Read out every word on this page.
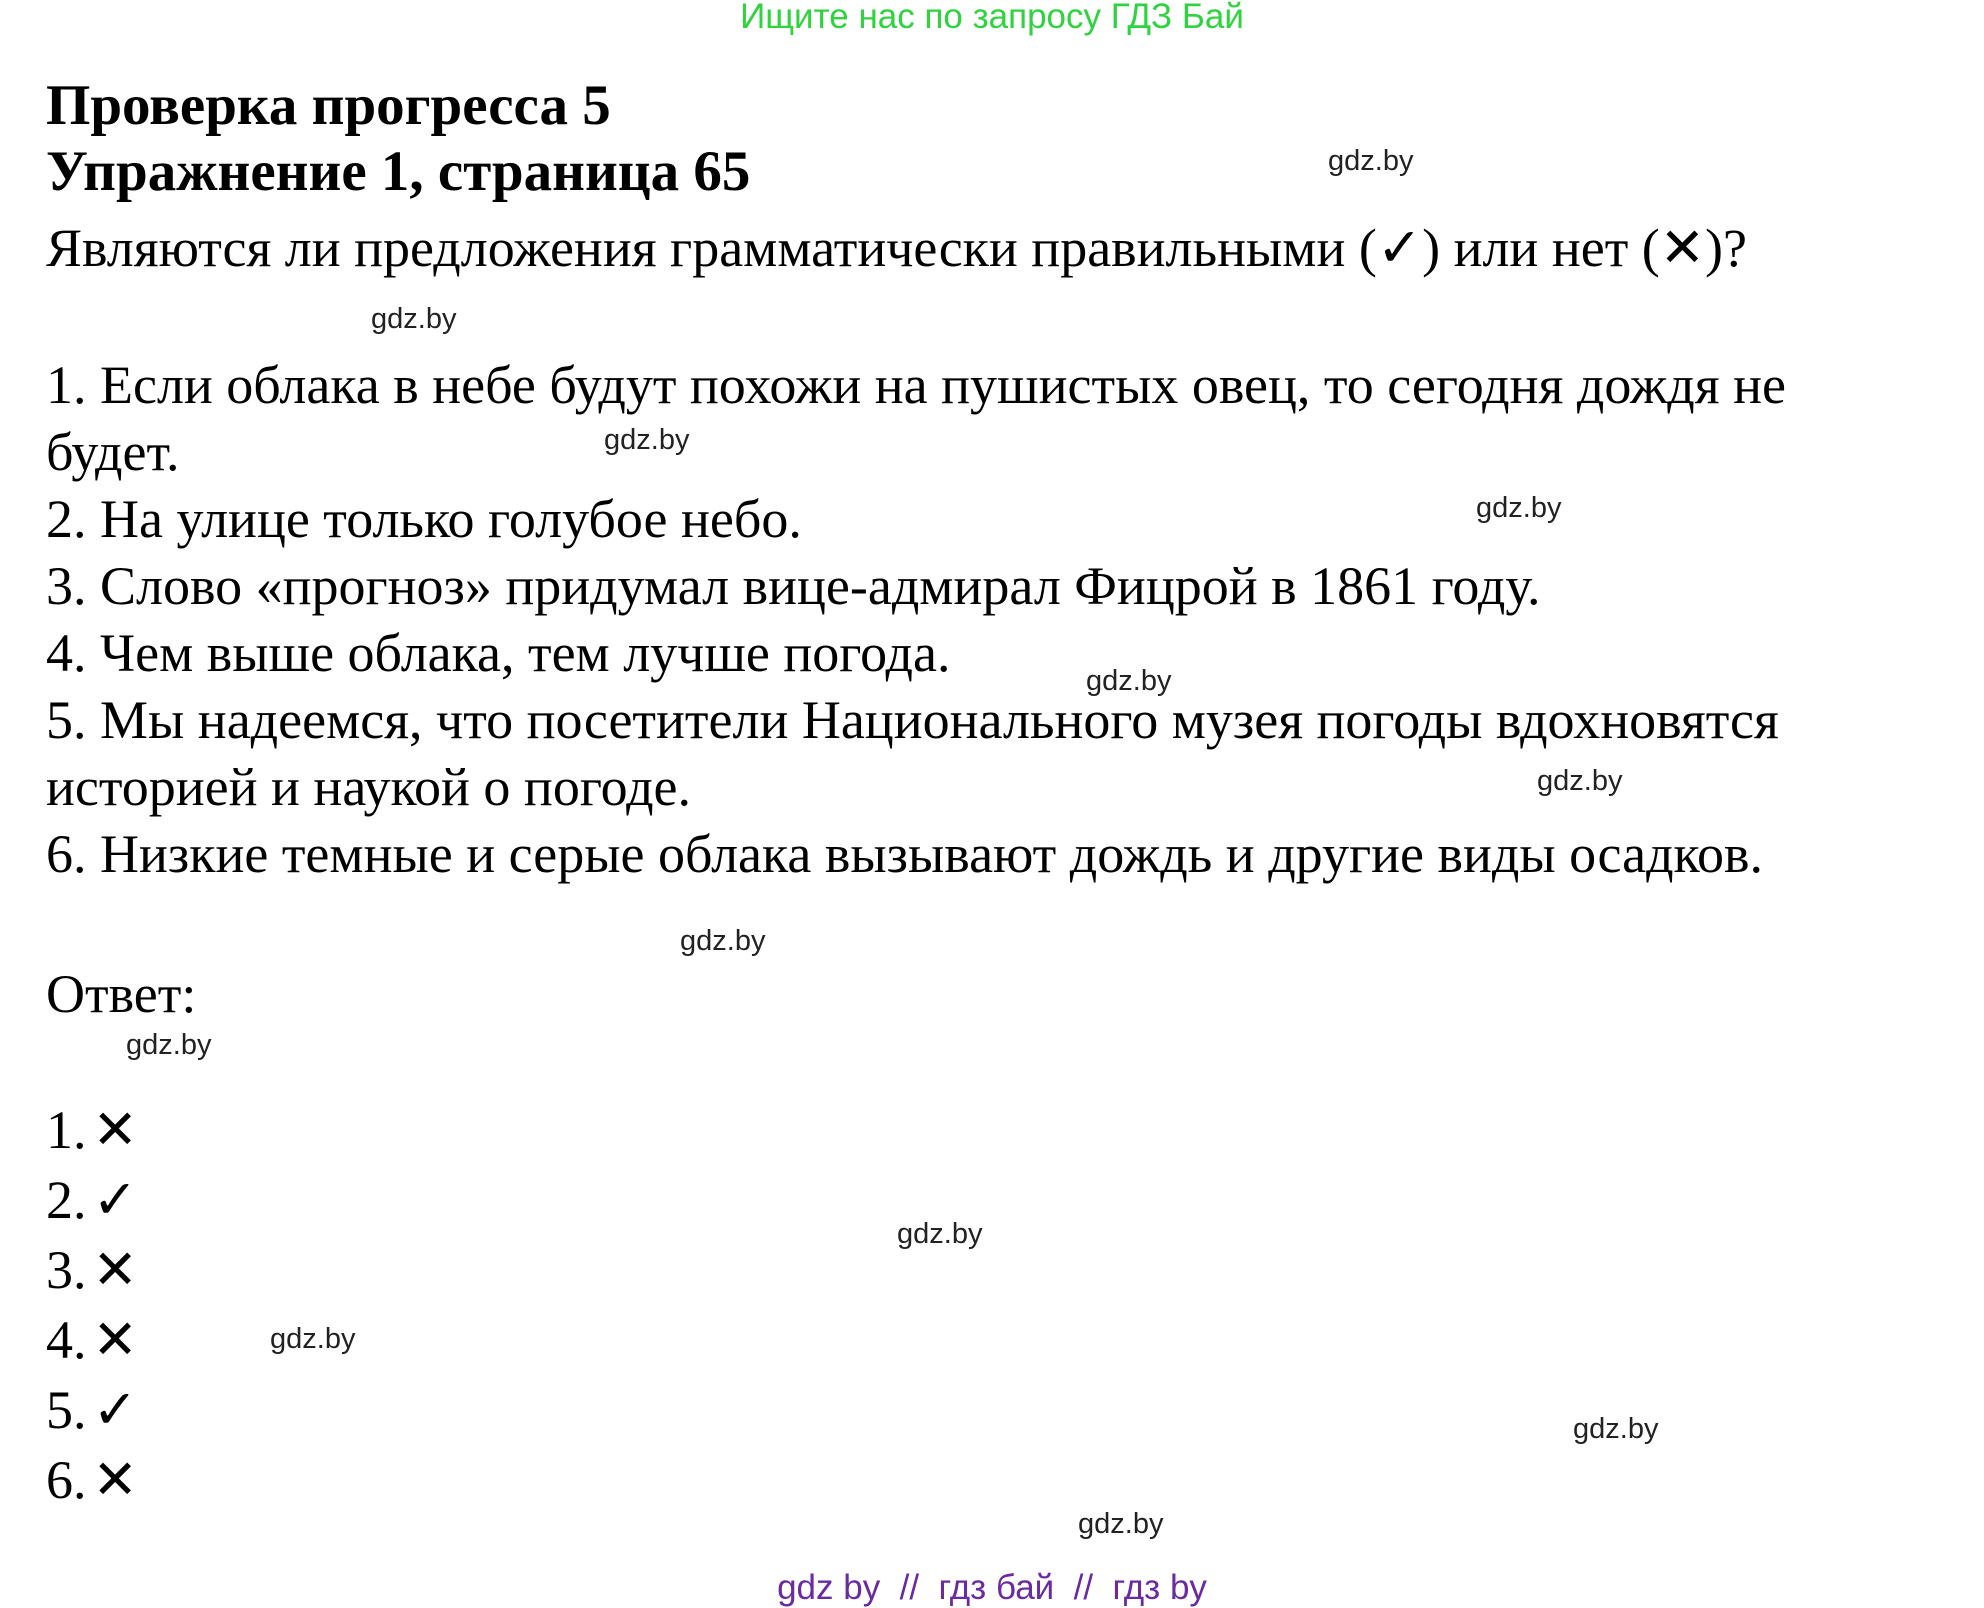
Ищите нас по запросу ГДЗ Бай
Проверка прогресса 5
Упражнение 1, страница 65
Являются ли предложения грамматически правильными (✓) или нет (✕)?
1. Если облака в небе будут похожи на пушистых овец, то сегодня дождя не
будет.
2. На улице только голубое небо.
3. Слово «прогноз» придумал вице-адмирал Фицрой в 1861 году.
4. Чем выше облака, тем лучше погода.
5. Мы надеемся, что посетители Национального музея погоды вдохновятся
историей и наукой о погоде.
6. Низкие темные и серые облака вызывают дождь и другие виды осадков.
Ответ:
1. ✕
2. ✓
3. ✕
4. ✕
5. ✓
6. ✕
gdz.by
gdz.by
gdz.by
gdz.by
gdz.by
gdz.by
gdz.by
gdz.by
gdz.by
gdz.by
gdz.by
gdz.by
gdz by  //  гдз бай  //  гдз by
